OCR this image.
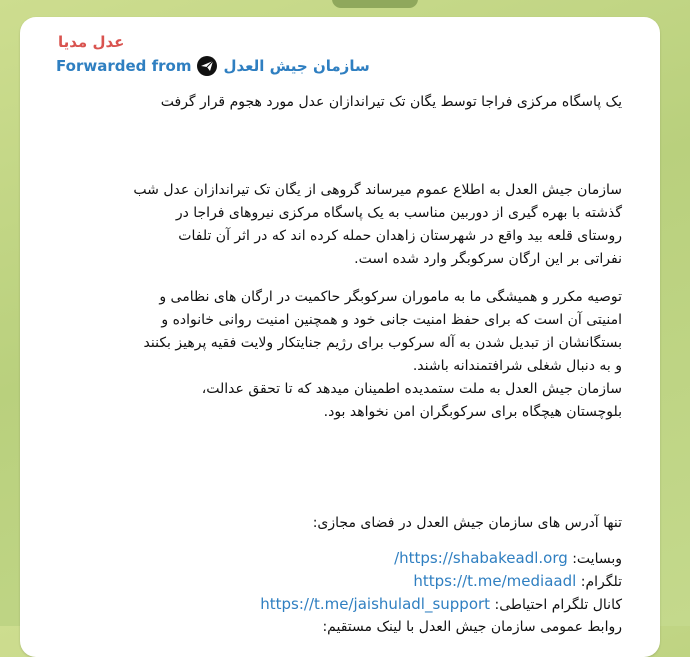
عدل مدیا
Forwarded from سازمان جیش العدل
یک پاسگاه مرکزی فراجا توسط یگان تک تیراندازان عدل مورد هجوم قرار گرفت
سازمان جیش العدل به اطلاع عموم میرساند گروهی از یگان تک تیراندازان عدل شب
گذشته با بهره گیری از دوربین مناسب به یک پاسگاه مرکزی نیروهای فراجا در
روستای قلعه بید واقع در شهرستان زاهدان حمله کرده اند که در اثر آن تلفات
نفراتی بر این ارگان سرکوبگر وارد شده است.
توصیه مکرر و همیشگی ما به ماموران سرکوبگر حاکمیت در ارگان های نظامی و
امنیتی آن است که برای حفظ امنیت جانی خود و همچنین امنیت روانی خانواده و
بستگانشان از تبدیل شدن به آله سرکوب برای رژیم جنایتکار ولایت فقیه پرهیز بکنند
و به دنبال شغلی شرافتمندانه باشند.
سازمان جیش العدل به ملت ستمدیده اطمینان میدهد که تا تحقق عدالت،
بلوچستان هیچگاه برای سرکوبگران امن نخواهد بود.
تنها آدرس های سازمان جیش العدل در فضای مجازی:
وبسایت: https://shabakeadl.org/
تلگرام: https://t.me/mediaadl
کانال تلگرام احتیاطی: https://t.me/jaishuladl_support
روابط عمومی سازمان جیش العدل با لینک مستقیم:
